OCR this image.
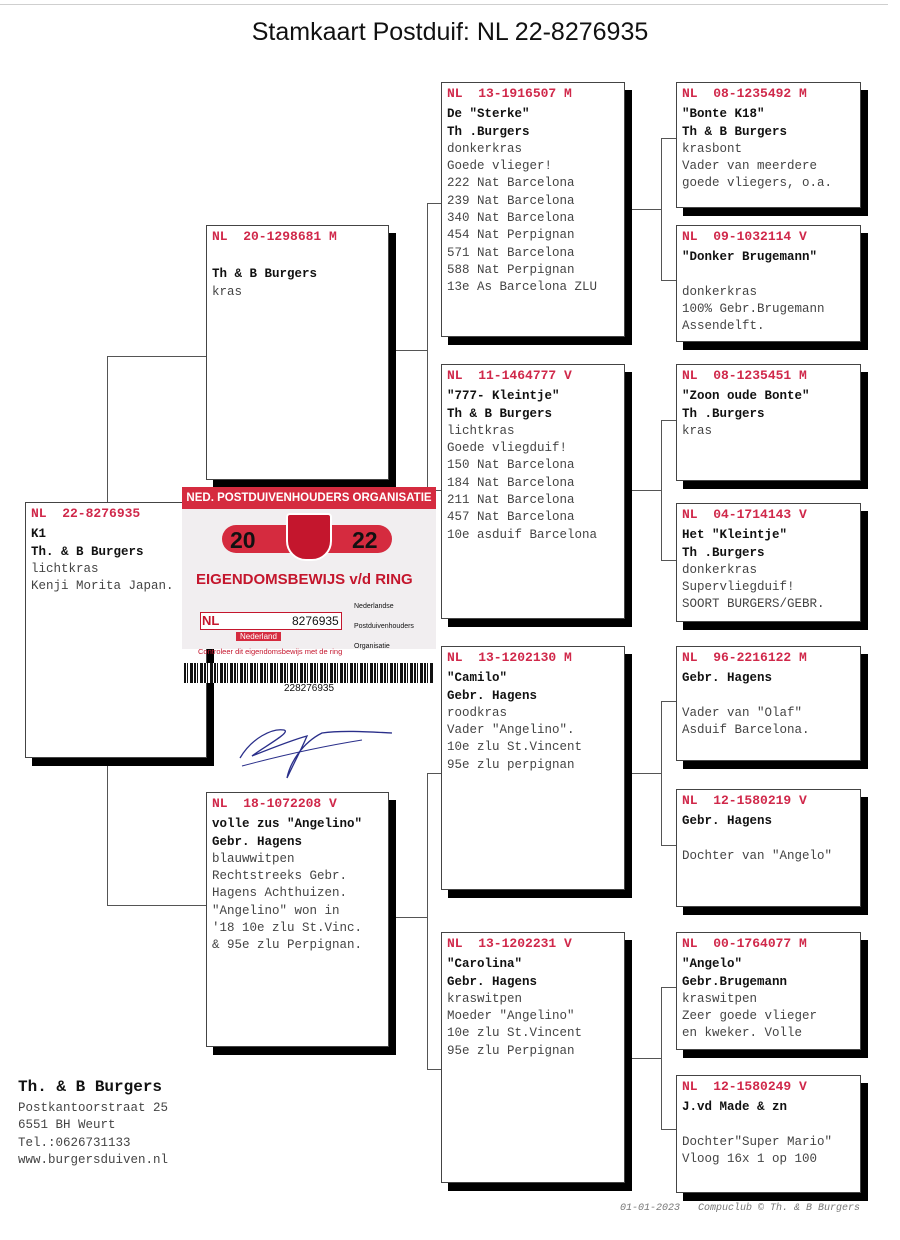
Stamkaart Postduif: NL 22-8276935
NL  22-8276935
K1
Th. & B Burgers
lichtkras
Kenji Morita Japan.
NL  20-1298681 M
Th & B Burgers
kras
NL  18-1072208 V
volle zus "Angelino"
Gebr. Hagens
blauwwitpen
Rechtstreeks Gebr.
Hagens Achthuizen.
"Angelino" won in
'18 10e zlu St.Vinc.
& 95e zlu Perpignan.
NL  13-1916507 M
De "Sterke"
Th .Burgers
donkerkras
Goede vlieger!
222 Nat Barcelona
239 Nat Barcelona
340 Nat Barcelona
454 Nat Perpignan
571 Nat Barcelona
588 Nat Perpignan
13e As Barcelona ZLU
NL  11-1464777 V
"777- Kleintje"
Th & B Burgers
lichtkras
Goede vliegduif!
150 Nat Barcelona
184 Nat Barcelona
211 Nat Barcelona
457 Nat Barcelona
10e asduif Barcelona
NL  13-1202130 M
"Camilo"
Gebr. Hagens
roodkras
Vader "Angelino".
10e zlu St.Vincent
95e zlu perpignan
NL  13-1202231 V
"Carolina"
Gebr. Hagens
kraswitpen
Moeder "Angelino"
10e zlu St.Vincent
95e zlu Perpignan
NL  08-1235492 M
"Bonte K18"
Th & B Burgers
krasbont
Vader van meerdere
goede vliegers, o.a.
NL  09-1032114 V
"Donker Brugemann"
donkerkras
100% Gebr.Brugemann
Assendelft.
NL  08-1235451 M
"Zoon oude Bonte"
Th .Burgers
kras
NL  04-1714143 V
Het "Kleintje"
Th .Burgers
donkerkras
Supervliegduif!
SOORT BURGERS/GEBR.
NL  96-2216122 M
Gebr. Hagens
Vader van "Olaf"
Asduif Barcelona.
NL  12-1580219 V
Gebr. Hagens
Dochter van "Angelo"
NL  00-1764077 M
"Angelo"
Gebr.Brugemann
kraswitpen
Zeer goede vlieger
en kweker. Volle
NL  12-1580249 V
J.vd Made & zn
Dochter"Super Mario"
Vloog 16x 1 op 100
NED. POSTDUIVENHOUDERS ORGANISATIE
20	22
EIGENDOMSBEWIJS v/d RING
NL	8276935
Nederlandse
Postduivenhouders
Organisatie
Nederland
Controleer dit eigendomsbewijs met de ring
228276935
Th. & B Burgers
Postkantoorstraat 25
6551 BH Weurt
Tel.:0626731133
www.burgersduiven.nl
01-01-2023   Compuclub © Th. & B Burgers
